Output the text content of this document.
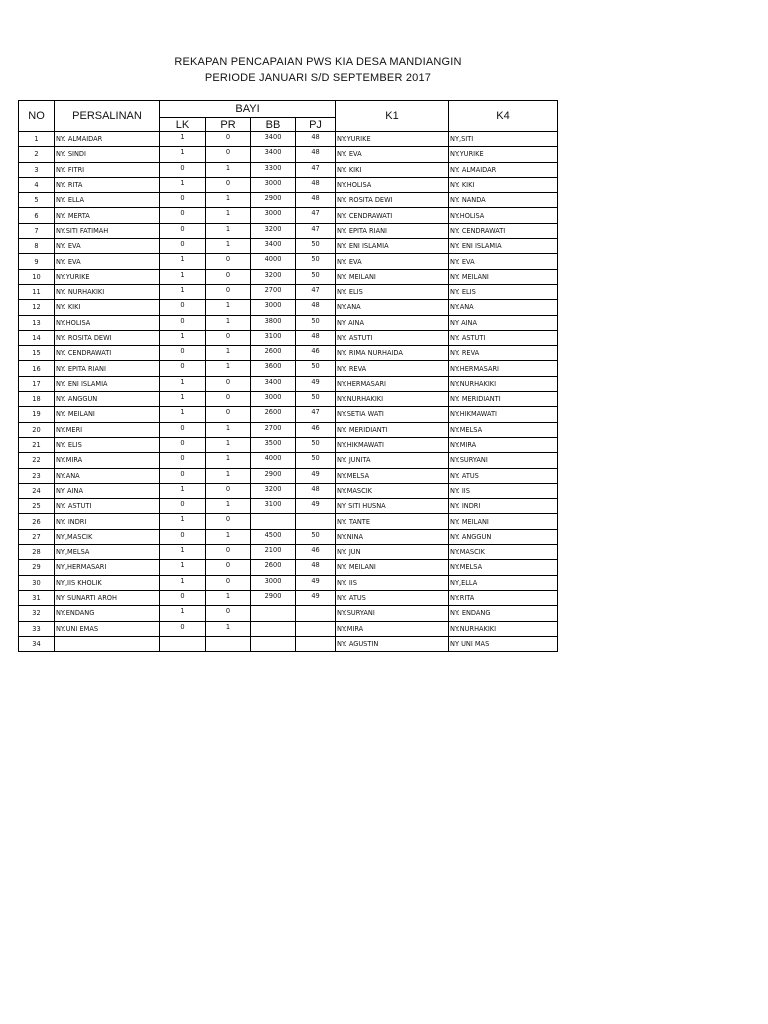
REKAPAN PENCAPAIAN PWS KIA DESA MANDIANGIN
PERIODE JANUARI S/D SEPTEMBER 2017
NO	PERSALINAN	BAYI				K1	K4
		LK	PR	BB	PJ		
1	NY. ALMAIDAR	1	0	3400	48	NY.YURIKE	NY,SITI
2	NY. SINDI	1	0	3400	48	NY. EVA	NY.YURIKE
3	NY. FITRI	0	1	3300	47	NY. KIKI	NY. ALMAIDAR
4	NY. RITA	1	0	3000	48	NY.HOLISA	NY. KIKI
5	NY. ELLA	0	1	2900	48	NY. ROSITA DEWI	NY. NANDA
6	NY. MERTA	0	1	3000	47	NY. CENDRAWATI	NY.HOLISA
7	NY.SITI FATIMAH	0	1	3200	47	NY. EPITA RIANI	NY. CENDRAWATI
8	NY. EVA	0	1	3400	50	NY. ENI ISLAMIA	NY. ENI ISLAMIA
9	NY. EVA	1	0	4000	50	NY. EVA	NY. EVA
10	NY.YURIKE	1	0	3200	50	NY. MEILANI	NY. MEILANI
11	NY. NURHAKIKI	1	0	2700	47	NY. ELIS	NY. ELIS
12	NY. KIKI	0	1	3000	48	NY.ANA	NY.ANA
13	NY.HOLISA	0	1	3800	50	NY AINA	NY AINA
14	NY. ROSITA DEWI	1	0	3100	48	NY. ASTUTI	NY. ASTUTI
15	NY. CENDRAWATI	0	1	2600	46	NY. RIMA NURHAIDA	NY. REVA
16	NY. EPITA RIANI	0	1	3600	50	NY. REVA	NY.HERMASARI
17	NY. ENI ISLAMIA	1	0	3400	49	NY.HERMASARI	NY.NURHAKIKI
18	NY. ANGGUN	1	0	3000	50	NY.NURHAKIKI	NY. MERIDIANTI
19	NY. MEILANI	1	0	2600	47	NY.SETIA WATI	NY.HIKMAWATI
20	NY.MERI	0	1	2700	46	NY. MERIDIANTI	NY.MELSA
21	NY. ELIS	0	1	3500	50	NY.HIKMAWATI	NY.MIRA
22	NY.MIRA	0	1	4000	50	NY. JUNITA	NY.SURYANI
23	NY.ANA	0	1	2900	49	NY.MELSA	NY. ATUS
24	NY AINA	1	0	3200	48	NY.MASCIK	NY. IIS
25	NY. ASTUTI	0	1	3100	49	NY SITI HUSNA	NY. INDRI
26	NY. INDRI	1	0			NY. TANTE	NY. MEILANI
27	NY,MASCIK	0	1	4500	50	NY.NINA	NY. ANGGUN
28	NY,MELSA	1	0	2100	46	NY. JUN	NY.MASCIK
29	NY,HERMASARI	1	0	2600	48	NY. MEILANI	NY.MELSA
30	NY,IIS KHOLIK	1	0	3000	49	NY. IIS	NY,ELLA
31	NY SUNARTI AROH	0	1	2900	49	NY. ATUS	NY.RITA
32	NY.ENDANG	1	0			NY.SURYANI	NY. ENDANG
33	NY.UNI EMAS	0	1			NY.MIRA	NY.NURHAKIKI
34						NY. AGUSTIN	NY UNI MAS
